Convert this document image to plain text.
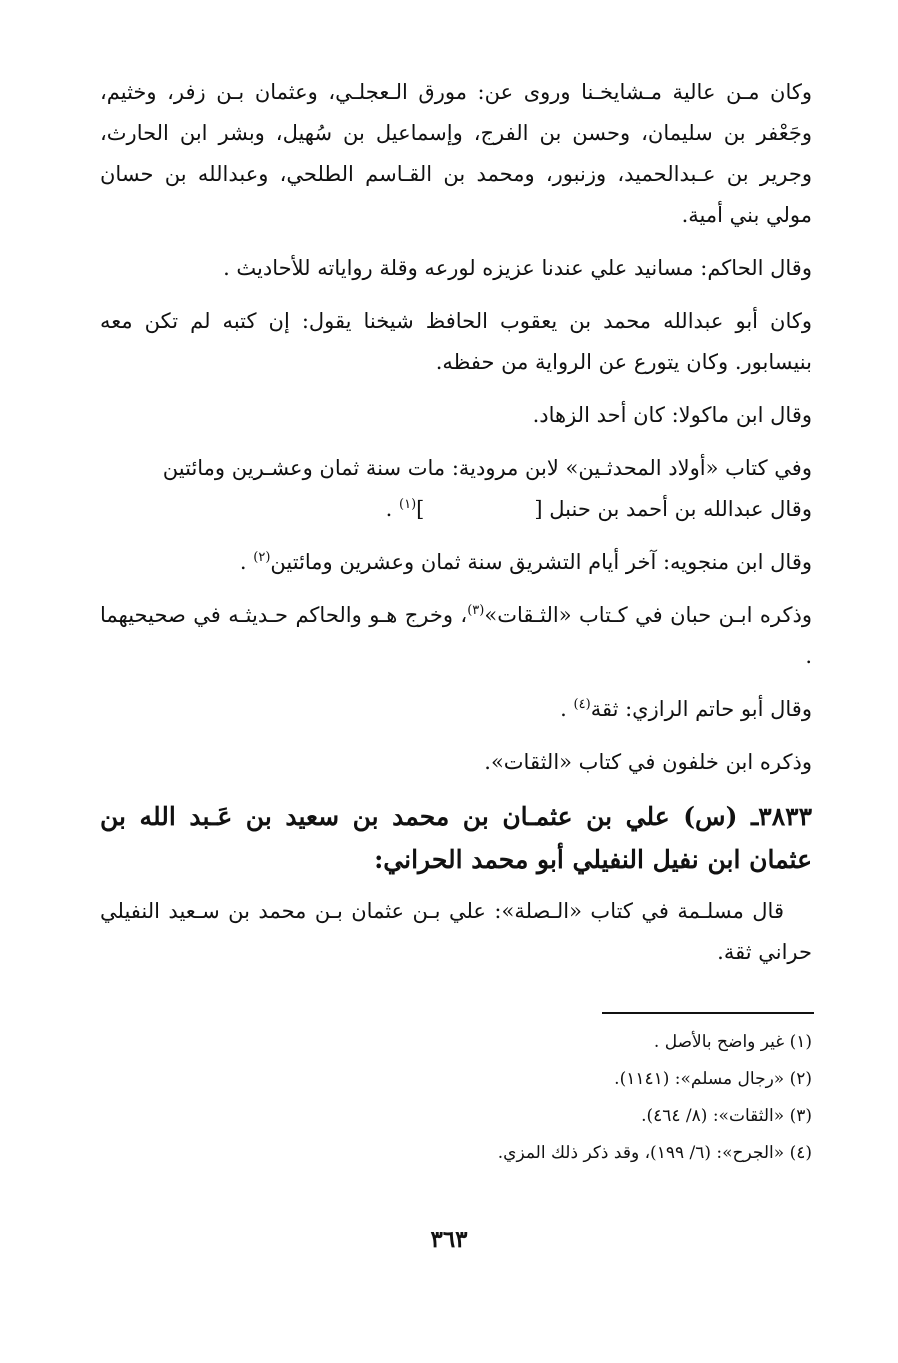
وكان مـن عالية مـشايخـنا وروى عن: مورق الـعجلـي، وعثمان بـن زفر، وخثيم، وجَعْفر بن سليمان، وحسن بن الفرج، وإسماعيل بن سُهيل، وبشر ابن الحارث، وجرير بن عـبدالحميد، وزنبور، ومحمد بن القـاسم الطلحي، وعبدالله بن حسان مولي بني أمية.

وقال الحاكم: مسانيد علي عندنا عزيزه لورعه وقلة رواياته للأحاديث .

وكان أبو عبدالله محمد بن يعقوب الحافظ شيخنا يقول: إن كتبه لم تكن معه بنيسابور. وكان يتورع عن الرواية من حفظه.

وقال ابن ماكولا: كان أحد الزهاد.

وفي كتاب «أولاد المحدثـين» لابن مرودية: مات سنة ثمان وعشـرين ومائتين

وقال عبدالله بن أحمد بن حنبل []$^{(١)}$ .

وقال ابن منجويه: آخر أيام التشريق سنة ثمان وعشرين ومائتين$^{(٢)}$ .

وذكره ابـن حبان في كـتاب «الثـقات»$^{(٣)}$، وخرج هـو والحاكم حـديثـه في صحيحيهما .

وقال أبو حاتم الرازي: ثقة$^{(٤)}$ .

وذكره ابن خلفون في كتاب «الثقات».

٣٨٣٣ـ (س) علي بن عثمـان بن محمد بن سعيد بن عَـبد الله بن عثمان ابن نفيل النفيلي أبو محمد الحراني:

قال مسلـمة في كتاب «الـصلة»: علي بـن عثمان بـن محمد بن سـعيد النفيلي حراني ثقة.

(١) غير واضح بالأصل .

(٢) «رجال مسلم»: (١١٤١).

(٣) «الثقات»: (٨/ ٤٦٤).

(٤) «الجرح»: (٦/ ١٩٩)، وقد ذكر ذلك المزي.

٣٦٣
